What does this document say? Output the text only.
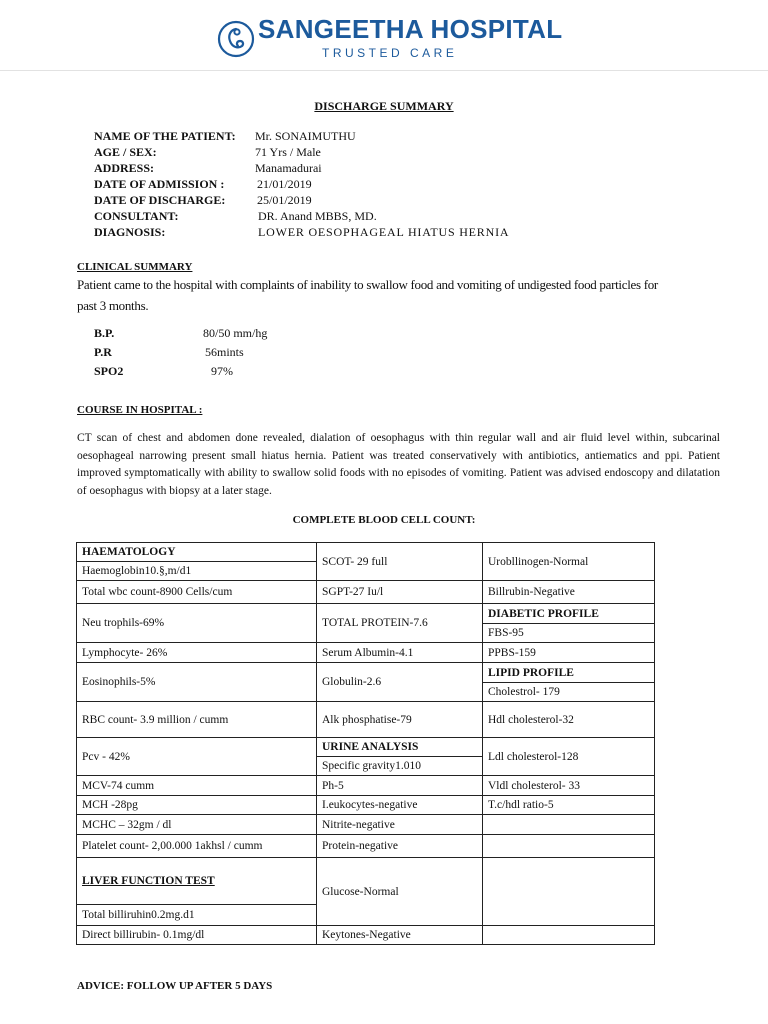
SANGEETHA HOSPITAL
TRUSTED CARE
DISCHARGE SUMMARY
NAME OF THE PATIENT: Mr. SONAIMUTHU
AGE / SEX:	71 Yrs / Male
ADDRESS:	Manamadurai
DATE OF ADMISSION :	21/01/2019
DATE OF DISCHARGE:	25/01/2019
CONSULTANT:	DR. Anand MBBS, MD.
DIAGNOSIS:	LOWER OESOPHAGEAL HIATUS HERNIA
CLINICAL SUMMARY
Patient came to the hospital with complaints of inability to swallow food and vomiting of undigested food particles for past 3 months.
B.P.	80/50 mm/hg
P.R	56mints
SPO2	97%
COURSE IN HOSPITAL :
CT scan of chest and abdomen done revealed, dialation of oesophagus with thin regular wall and air fluid level within, subcarinal oesophageal narrowing present small hiatus hernia. Patient was treated conservatively with antibiotics, antiematics and ppi. Patient improved symptomatically with ability to swallow solid foods with no episodes of vomiting. Patient was advised endoscopy and dilatation of oesophagus with biopsy at a later stage.
COMPLETE BLOOD CELL COUNT:
HAEMATOLOGY	SCOT- 29 full	Urobllinogen-Normal
Haemoglobin10.§,m/d1		
Total wbc count-8900 Cells/cum	SGPT-27 Iu/l	Billrubin-Negative
Neu trophils-69%	TOTAL PROTEIN-7.6	DIABETIC PROFILE
		FBS-95
Lymphocyte- 26%	Serum Albumin-4.1	PPBS-159
Eosinophils-5%	Globulin-2.6	LIPID PROFILE
		Cholestrol- 179
RBC count- 3.9 million / cumm	Alk phosphatise-79	Hdl cholesterol-32
Pcv - 42%	URINE ANALYSIS	Ldl cholesterol-128
	Specific gravity1.010	
MCV-74 cumm	Ph-5	Vldl cholesterol- 33
MCH -28pg	I.eukocytes-negative	T.c/hdl ratio-5
MCHC – 32gm / dl	Nitrite-negative	
Platelet count- 2,00.000 1akhsl / cumm	Protein-negative	
LIVER FUNCTION TEST	Glucose-Normal	
Total billiruhin0.2mg.d1		
Direct billirubin- 0.1mg/dl	Keytones-Negative	
ADVICE: FOLLOW UP AFTER 5 DAYS
